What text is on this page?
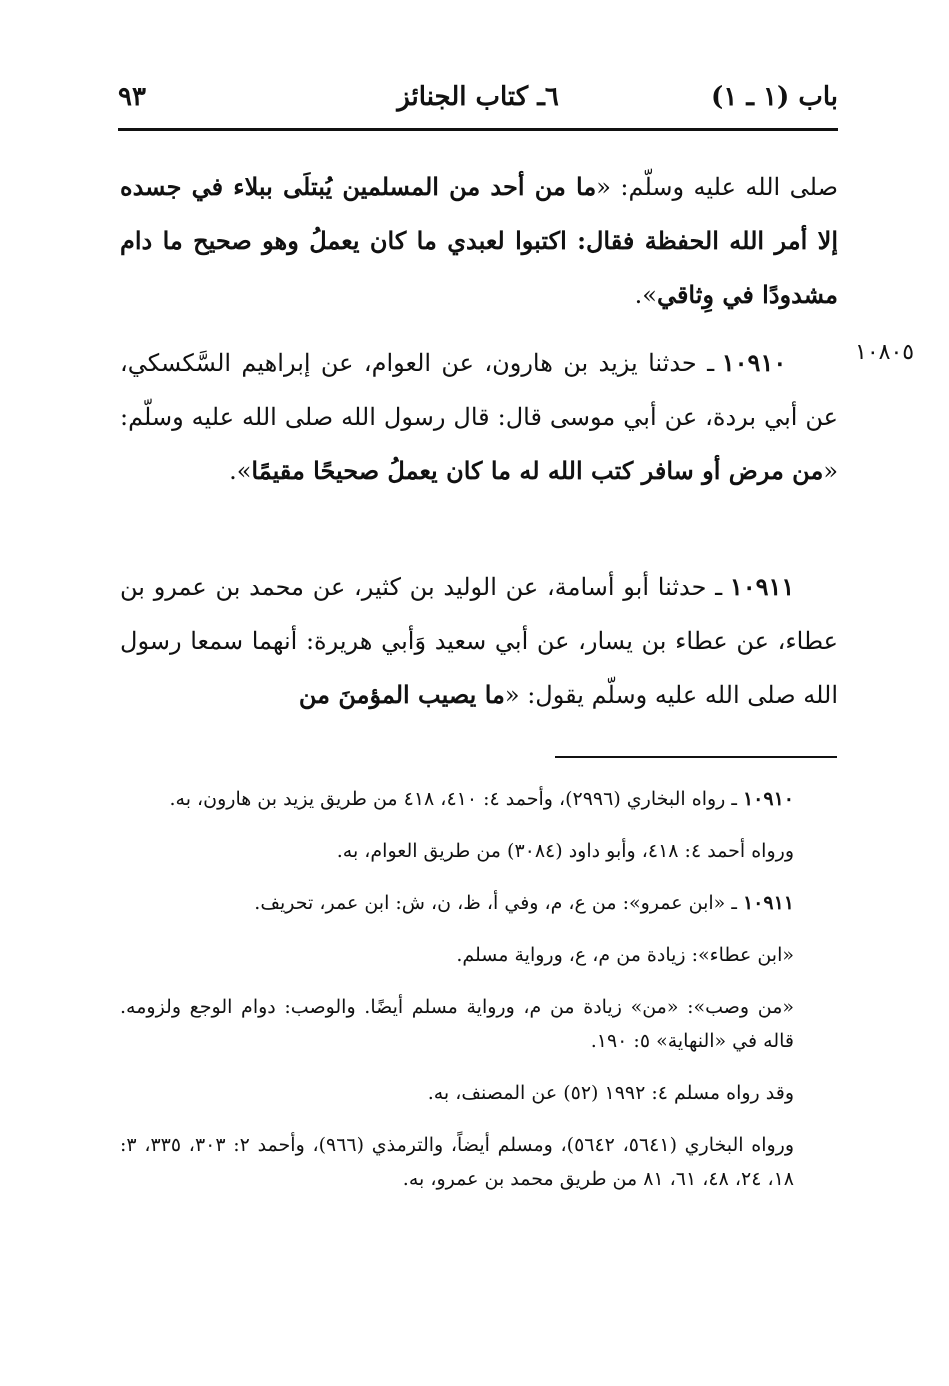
باب (١ ـ ١)
٦ـ كتاب الجنائز
٩٣

صلى الله عليه وسلّم: «ما من أحد من المسلمين يُبتلَى ببلاء في جسده إلا أمر الله الحفظة فقال: اكتبوا لعبدي ما كان يعملُ وهو صحيح ما دام مشدودًا في وِثاقي».

١٠٨٠٥

١٠٩١٠ ـ حدثنا يزيد بن هارون، عن العوام، عن إبراهيم السَّكسكي، عن أبي بردة، عن أبي موسى قال: قال رسول الله صلى الله عليه وسلّم: «من مرض أو سافر كتب الله له ما كان يعملُ صحيحًا مقيمًا».

١٠٩١١ ـ حدثنا أبو أسامة، عن الوليد بن كثير، عن محمد بن عمرو بن عطاء، عن عطاء بن يسار، عن أبي سعيد وَأبي هريرة: أنهما سمعا رسول الله صلى الله عليه وسلّم يقول: «ما يصيب المؤمنَ من

١٠٩١٠ ـ رواه البخاري (٢٩٩٦)، وأحمد ٤: ٤١٠، ٤١٨ من طريق يزيد بن هارون، به.

ورواه أحمد ٤: ٤١٨، وأبو داود (٣٠٨٤) من طريق العوام، به.

١٠٩١١ ـ «ابن عمرو»: من ع، م، وفي أ، ظ، ن، ش: ابن عمر، تحريف.

«ابن عطاء»: زيادة من م، ع، ورواية مسلم.

«من وصب»: «من» زيادة من م، ورواية مسلم أيضًا. والوصب: دوام الوجع ولزومه. قاله في «النهاية» ٥: ١٩٠.

وقد رواه مسلم ٤: ١٩٩٢ (٥٢) عن المصنف، به.

ورواه البخاري (٥٦٤١، ٥٦٤٢)، ومسلم أيضاً، والترمذي (٩٦٦)، وأحمد ٢: ٣٠٣، ٣٣٥، ٣: ١٨، ٢٤، ٤٨، ٦١، ٨١ من طريق محمد بن عمرو، به.
